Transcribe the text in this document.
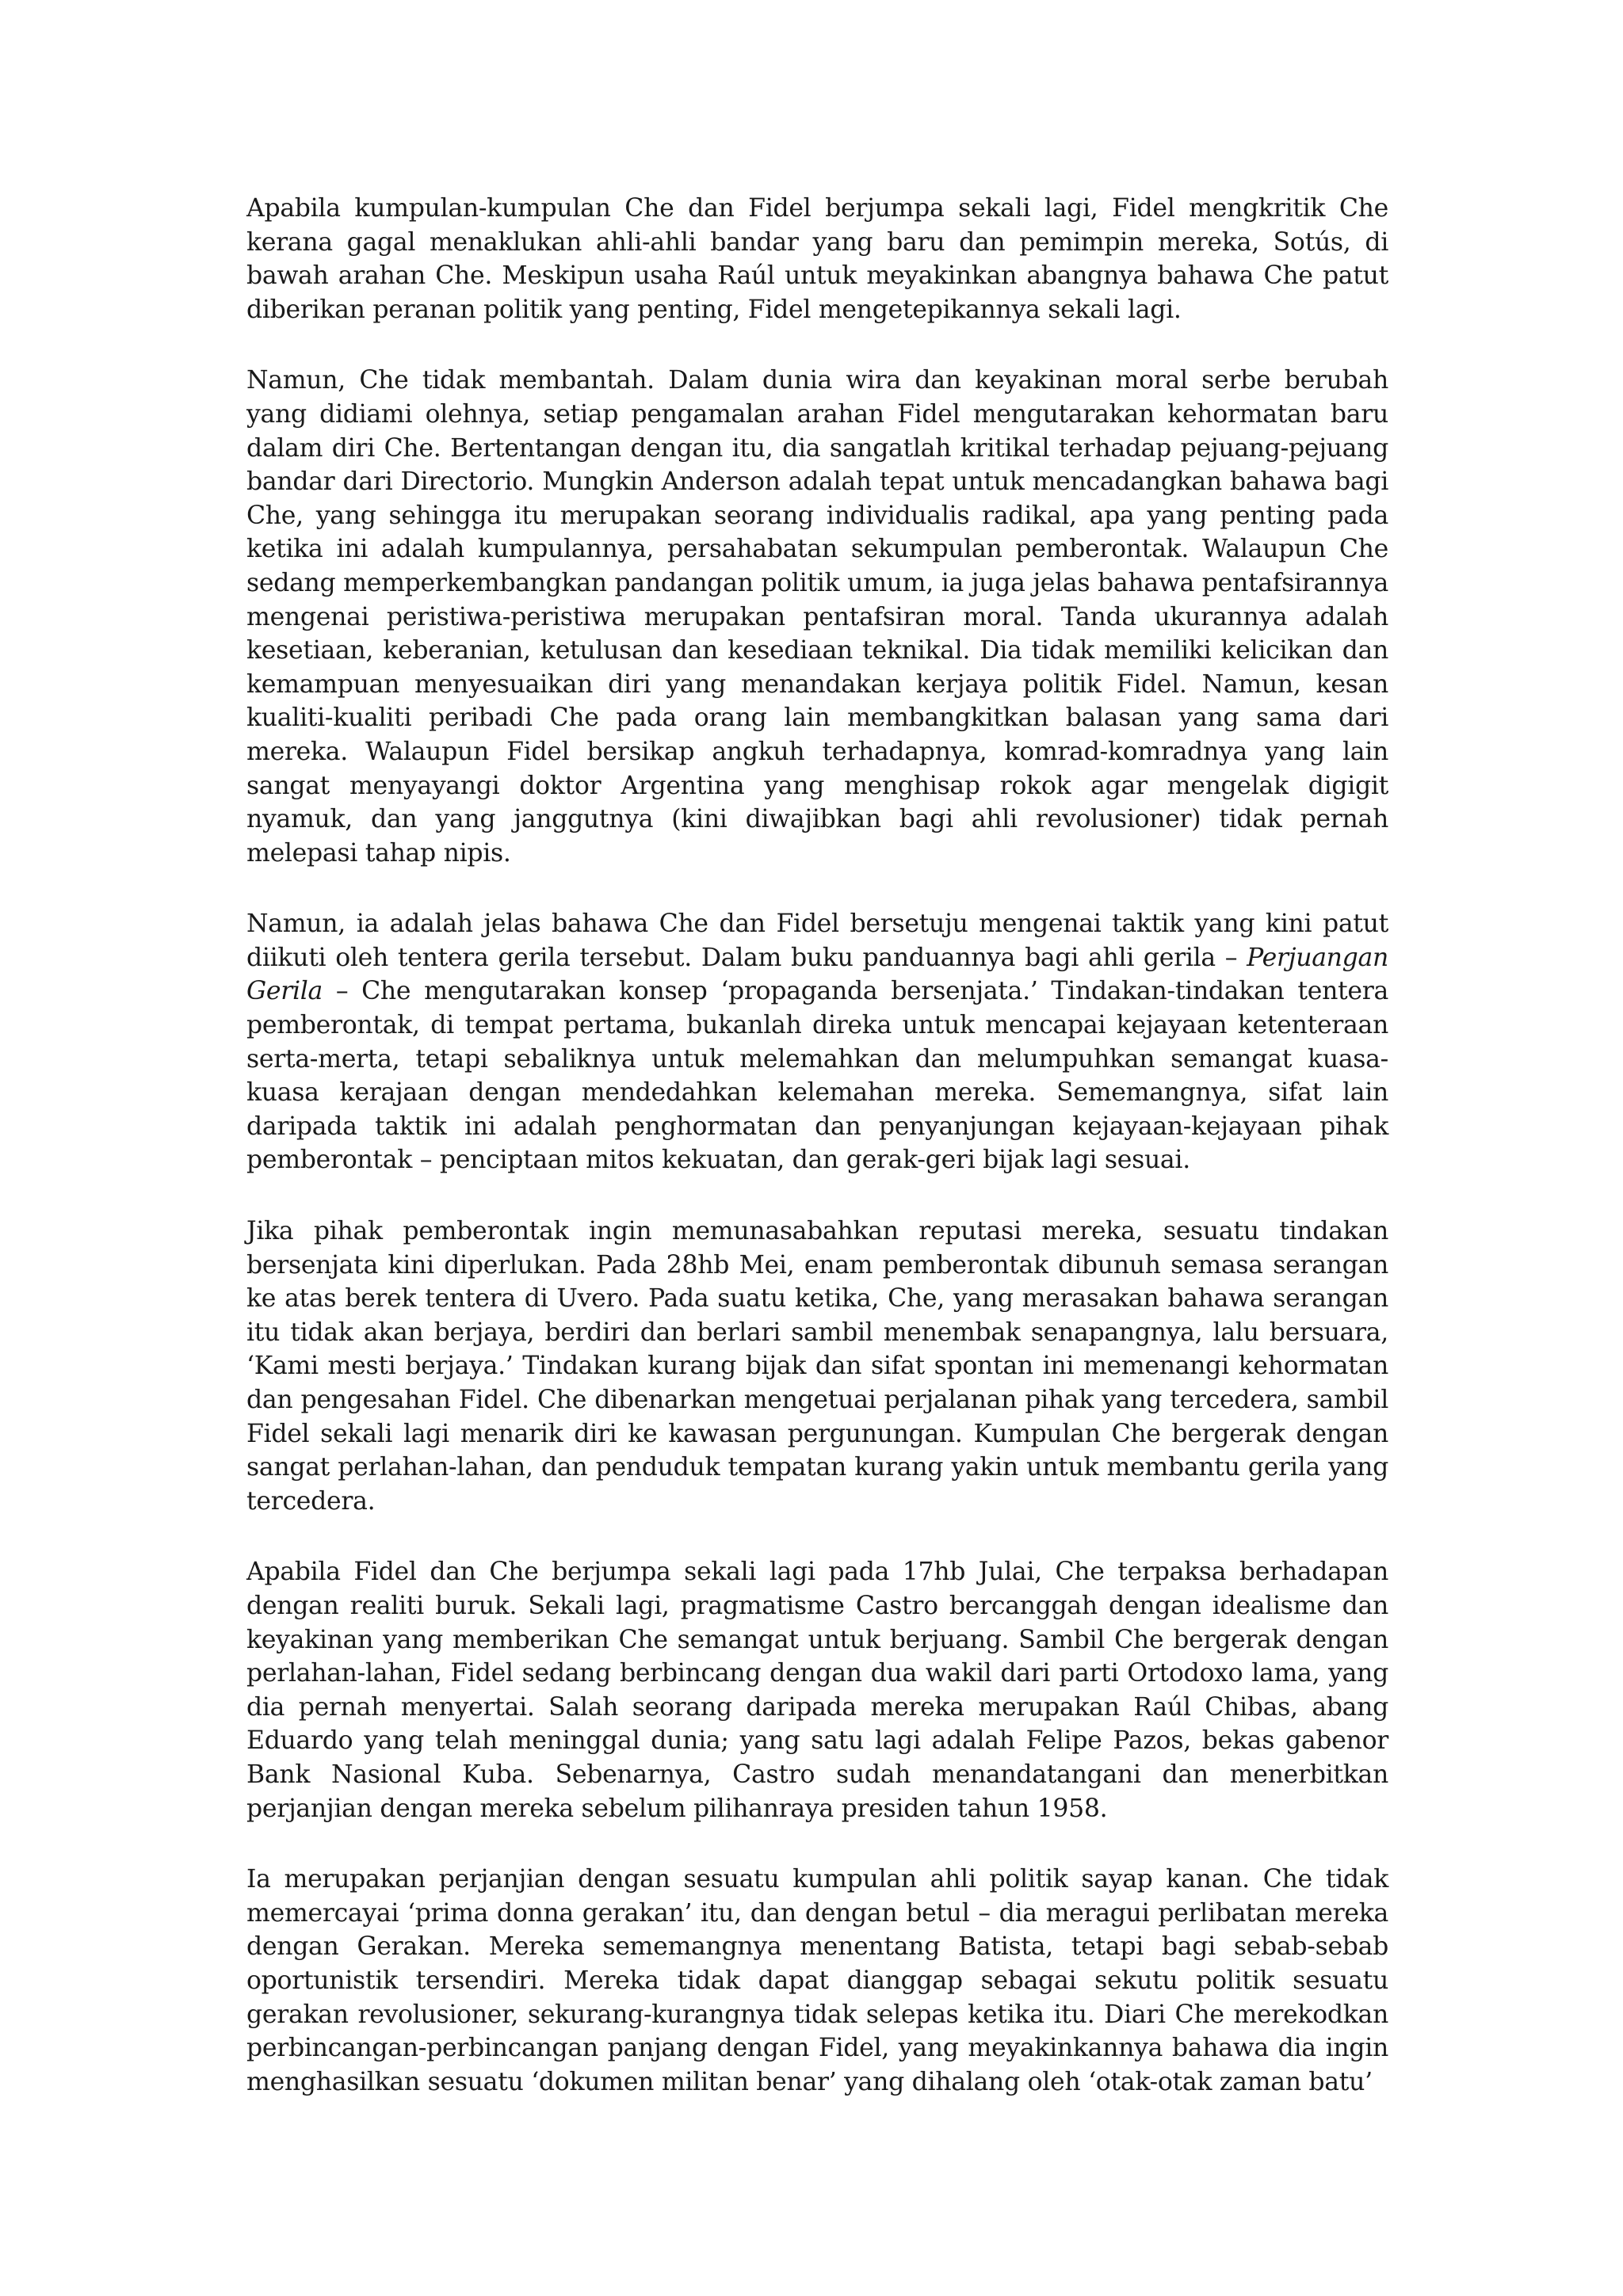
Apabila kumpulan-kumpulan Che dan Fidel berjumpa sekali lagi, Fidel mengkritik Che kerana gagal menaklukan ahli-ahli bandar yang baru dan pemimpin mereka, Sotús, di bawah arahan Che. Meskipun usaha Raúl untuk meyakinkan abangnya bahawa Che patut diberikan peranan politik yang penting, Fidel mengetepikannya sekali lagi.

Namun, Che tidak membantah. Dalam dunia wira dan keyakinan moral serbe berubah yang didiami olehnya, setiap pengamalan arahan Fidel mengutarakan kehormatan baru dalam diri Che. Bertentangan dengan itu, dia sangatlah kritikal terhadap pejuang-pejuang bandar dari Directorio. Mungkin Anderson adalah tepat untuk mencadangkan bahawa bagi Che, yang sehingga itu merupakan seorang individualis radikal, apa yang penting pada ketika ini adalah kumpulannya, persahabatan sekumpulan pemberontak. Walaupun Che sedang memperkembangkan pandangan politik umum, ia juga jelas bahawa pentafsirannya mengenai peristiwa-peristiwa merupakan pentafsiran moral. Tanda ukurannya adalah kesetiaan, keberanian, ketulusan dan kesediaan teknikal. Dia tidak memiliki kelicikan dan kemampuan menyesuaikan diri yang menandakan kerjaya politik Fidel. Namun, kesan kualiti-kualiti peribadi Che pada orang lain membangkitkan balasan yang sama dari mereka. Walaupun Fidel bersikap angkuh terhadapnya, komrad-komradnya yang lain sangat menyayangi doktor Argentina yang menghisap rokok agar mengelak digigit nyamuk, dan yang janggutnya (kini diwajibkan bagi ahli revolusioner) tidak pernah melepasi tahap nipis.

Namun, ia adalah jelas bahawa Che dan Fidel bersetuju mengenai taktik yang kini patut diikuti oleh tentera gerila tersebut. Dalam buku panduannya bagi ahli gerila – Perjuangan Gerila – Che mengutarakan konsep ‘propaganda bersenjata.’ Tindakan-tindakan tentera pemberontak, di tempat pertama, bukanlah direka untuk mencapai kejayaan ketenteraan serta-merta, tetapi sebaliknya untuk melemahkan dan melumpuhkan semangat kuasa-kuasa kerajaan dengan mendedahkan kelemahan mereka. Sememangnya, sifat lain daripada taktik ini adalah penghormatan dan penyanjungan kejayaan-kejayaan pihak pemberontak – penciptaan mitos kekuatan, dan gerak-geri bijak lagi sesuai.

Jika pihak pemberontak ingin memunasabahkan reputasi mereka, sesuatu tindakan bersenjata kini diperlukan. Pada 28hb Mei, enam pemberontak dibunuh semasa serangan ke atas berek tentera di Uvero. Pada suatu ketika, Che, yang merasakan bahawa serangan itu tidak akan berjaya, berdiri dan berlari sambil menembak senapangnya, lalu bersuara, ‘Kami mesti berjaya.’ Tindakan kurang bijak dan sifat spontan ini memenangi kehormatan dan pengesahan Fidel. Che dibenarkan mengetuai perjalanan pihak yang tercedera, sambil Fidel sekali lagi menarik diri ke kawasan pergunungan. Kumpulan Che bergerak dengan sangat perlahan-lahan, dan penduduk tempatan kurang yakin untuk membantu gerila yang tercedera.

Apabila Fidel dan Che berjumpa sekali lagi pada 17hb Julai, Che terpaksa berhadapan dengan realiti buruk. Sekali lagi, pragmatisme Castro bercanggah dengan idealisme dan keyakinan yang memberikan Che semangat untuk berjuang. Sambil Che bergerak dengan perlahan-lahan, Fidel sedang berbincang dengan dua wakil dari parti Ortodoxo lama, yang dia pernah menyertai. Salah seorang daripada mereka merupakan Raúl Chibas, abang Eduardo yang telah meninggal dunia; yang satu lagi adalah Felipe Pazos, bekas gabenor Bank Nasional Kuba. Sebenarnya, Castro sudah menandatangani dan menerbitkan perjanjian dengan mereka sebelum pilihanraya presiden tahun 1958.

Ia merupakan perjanjian dengan sesuatu kumpulan ahli politik sayap kanan. Che tidak memercayai ‘prima donna gerakan’ itu, dan dengan betul – dia meragui perlibatan mereka dengan Gerakan. Mereka sememangnya menentang Batista, tetapi bagi sebab-sebab oportunistik tersendiri. Mereka tidak dapat dianggap sebagai sekutu politik sesuatu gerakan revolusioner, sekurang-kurangnya tidak selepas ketika itu. Diari Che merekodkan perbincangan-perbincangan panjang dengan Fidel, yang meyakinkannya bahawa dia ingin menghasilkan sesuatu ‘dokumen militan benar’ yang dihalang oleh ‘otak-otak zaman batu’
